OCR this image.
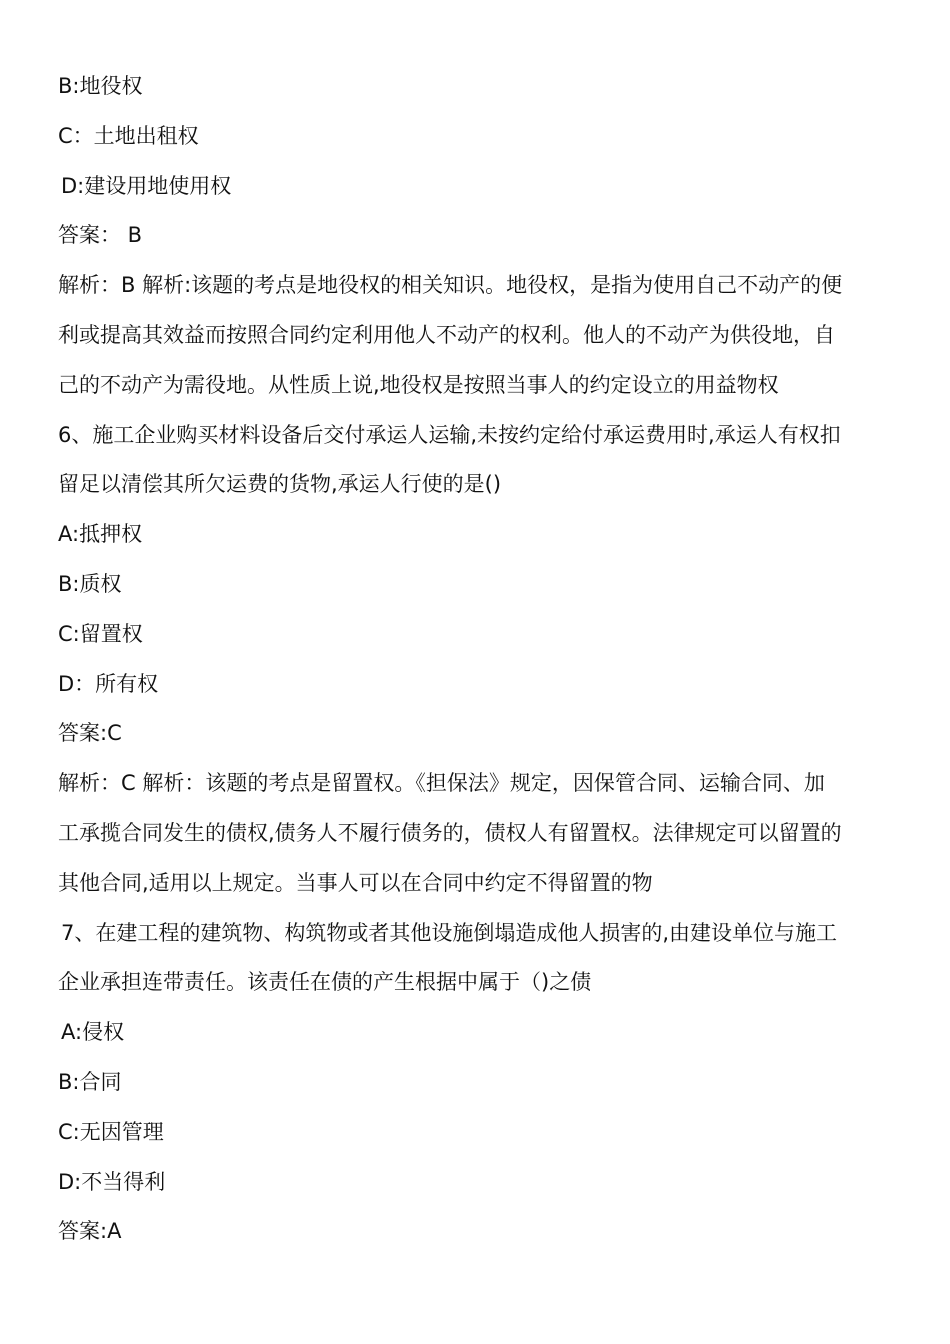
B:地役权
C：土地出租权
D:建设用地使用权
答案： B
解析：B 解析:该题的考点是地役权的相关知识。地役权，是指为使用自己不动产的便
利或提高其效益而按照合同约定利用他人不动产的权利。他人的不动产为供役地，自
己的不动产为需役地。从性质上说,地役权是按照当事人的约定设立的用益物权
6、施工企业购买材料设备后交付承运人运输,未按约定给付承运费用时,承运人有权扣
留足以清偿其所欠运费的货物,承运人行使的是()
A:抵押权
B:质权
C:留置权
D：所有权
答案:C
解析：C 解析：该题的考点是留置权。《担保法》规定，因保管合同、运输合同、加
工承揽合同发生的债权,债务人不履行债务的，债权人有留置权。法律规定可以留置的
其他合同,适用以上规定。当事人可以在合同中约定不得留置的物
7、在建工程的建筑物、构筑物或者其他设施倒塌造成他人损害的,由建设单位与施工
企业承担连带责任。该责任在债的产生根据中属于（)之债
A:侵权
B:合同
C:无因管理
D:不当得利
答案:A
